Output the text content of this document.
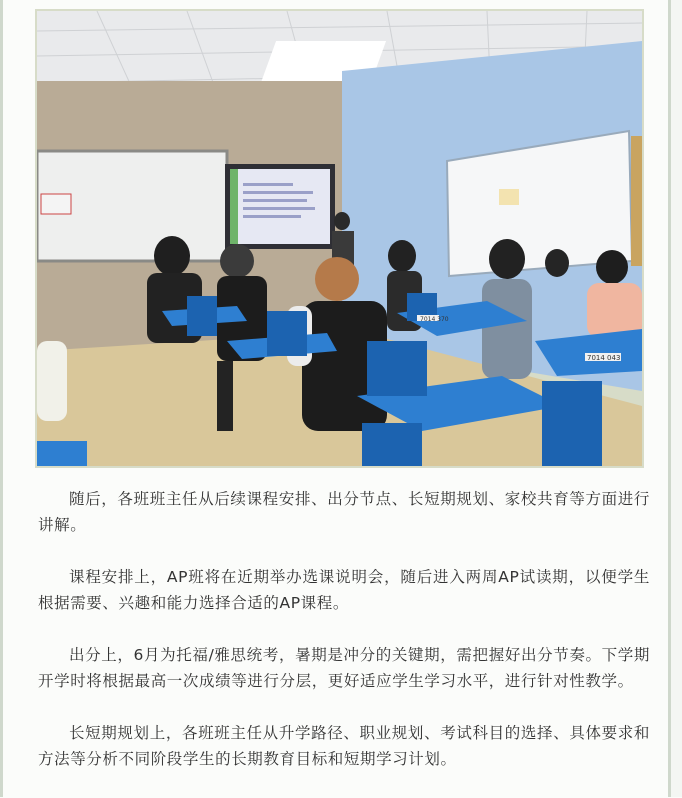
7014 370
7014 043

随后，各班班主任从后续课程安排、出分节点、长短期规划、家校共育等方面进行讲解。

课程安排上，AP班将在近期举办选课说明会，随后进入两周AP试读期，以便学生根据需要、兴趣和能力选择合适的AP课程。

出分上，6月为托福/雅思统考，暑期是冲分的关键期，需把握好出分节奏。下学期开学时将根据最高一次成绩等进行分层，更好适应学生学习水平，进行针对性教学。

长短期规划上，各班班主任从升学路径、职业规划、考试科目的选择、具体要求和方法等分析不同阶段学生的长期教育目标和短期学习计划。
